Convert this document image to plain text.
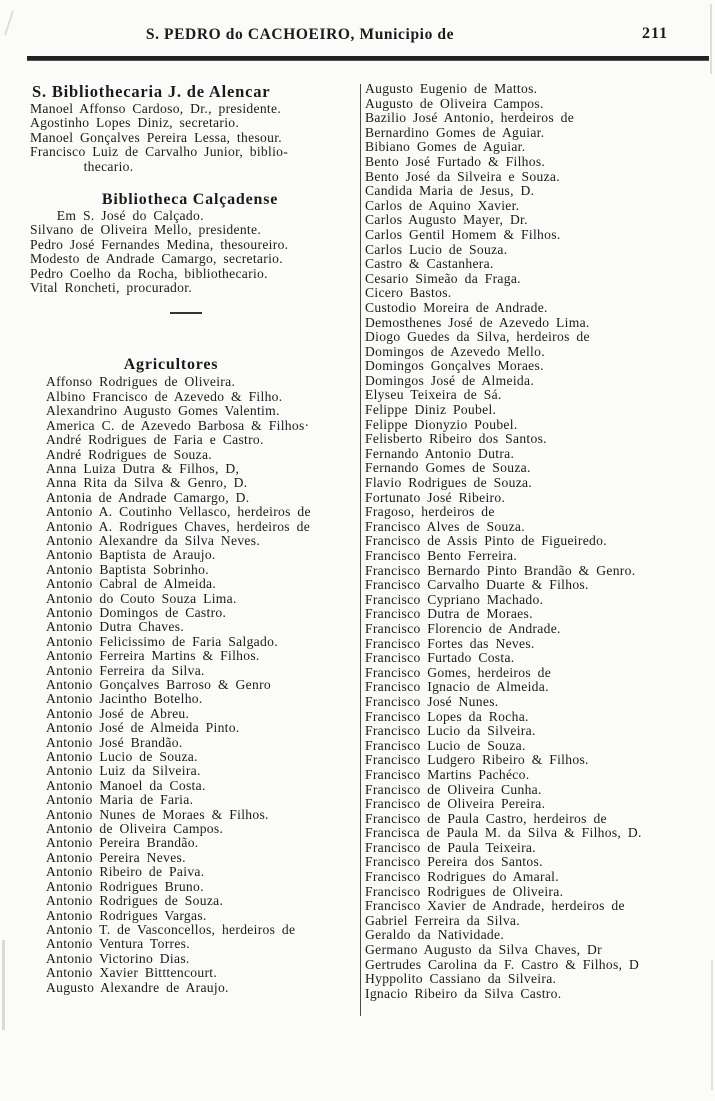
S. PEDRO do CACHOEIRO, Municipio de	211
S. Bibliothecaria J. de Alencar
Manoel Affonso Cardoso, Dr., presidente.
Agostinho Lopes Diniz, secretario.
Manoel Gonçalves Pereira Lessa, thesour.
Francisco Luiz de Carvalho Junior, biblio-
thecario.
Bibliotheca Calçadense
Em S. José do Calçado.
Silvano de Oliveira Mello, presidente.
Pedro José Fernandes Medina, thesoureiro.
Modesto de Andrade Camargo, secretario.
Pedro Coelho da Rocha, bibliothecario.
Vital Roncheti, procurador.
Agricultores
Affonso Rodrigues de Oliveira.
Albino Francisco de Azevedo & Filho.
Alexandrino Augusto Gomes Valentim.
America C. de Azevedo Barbosa & Filhos·
André Rodrigues de Faria e Castro.
André Rodrigues de Souza.
Anna Luiza Dutra & Filhos, D,
Anna Rita da Silva & Genro, D.
Antonia de Andrade Camargo, D.
Antonio A. Coutinho Vellasco, herdeiros de
Antonio A. Rodrigues Chaves, herdeiros de
Antonio Alexandre da Silva Neves.
Antonio Baptista de Araujo.
Antonio Baptista Sobrinho.
Antonio Cabral de Almeida.
Antonio do Couto Souza Lima.
Antonio Domingos de Castro.
Antonio Dutra Chaves.
Antonio Felicissimo de Faria Salgado.
Antonio Ferreira Martins & Filhos.
Antonio Ferreira da Silva.
Antonio Gonçalves Barroso & Genro
Antonio Jacintho Botelho.
Antonio José de Abreu.
Antonio José de Almeida Pinto.
Antonio José Brandão.
Antonio Lucio de Souza.
Antonio Luiz da Silveira.
Antonio Manoel da Costa.
Antonio Maria de Faria.
Antonio Nunes de Moraes & Filhos.
Antonio de Oliveira Campos.
Antonio Pereira Brandão.
Antonio Pereira Neves.
Antonio Ribeiro de Paiva.
Antonio Rodrigues Bruno.
Antonio Rodrigues de Souza.
Antonio Rodrigues Vargas.
Antonio T. de Vasconcellos, herdeiros de
Antonio Ventura Torres.
Antonio Victorino Dias.
Antonio Xavier Bitttencourt.
Augusto Alexandre de Araujo.
Augusto Eugenio de Mattos.
Augusto de Oliveira Campos.
Bazilio José Antonio, herdeiros de
Bernardino Gomes de Aguiar.
Bibiano Gomes de Aguiar.
Bento José Furtado & Filhos.
Bento José da Silveira e Souza.
Candida Maria de Jesus, D.
Carlos de Aquino Xavier.
Carlos Augusto Mayer, Dr.
Carlos Gentil Homem & Filhos.
Carlos Lucio de Souza.
Castro & Castanhera.
Cesario Simeão da Fraga.
Cicero Bastos.
Custodio Moreira de Andrade.
Demosthenes José de Azevedo Lima.
Diogo Guedes da Silva, herdeiros de
Domingos de Azevedo Mello.
Domingos Gonçalves Moraes.
Domingos José de Almeida.
Elyseu Teixeira de Sá.
Felippe Diniz Poubel.
Felippe Dionyzio Poubel.
Felisberto Ribeiro dos Santos.
Fernando Antonio Dutra.
Fernando Gomes de Souza.
Flavio Rodrigues de Souza.
Fortunato José Ribeiro.
Fragoso, herdeiros de
Francisco Alves de Souza.
Francisco de Assis Pinto de Figueiredo.
Francisco Bento Ferreira.
Francisco Bernardo Pinto Brandão & Genro.
Francisco Carvalho Duarte & Filhos.
Francisco Cypriano Machado.
Francisco Dutra de Moraes.
Francisco Florencio de Andrade.
Francisco Fortes das Neves.
Francisco Furtado Costa.
Francisco Gomes, herdeiros de
Francisco Ignacio de Almeida.
Francisco José Nunes.
Francisco Lopes da Rocha.
Francisco Lucio da Silveira.
Francisco Lucio de Souza.
Francisco Ludgero Ribeiro & Filhos.
Francisco Martins Pachéco.
Francisco de Oliveira Cunha.
Francisco de Oliveira Pereira.
Francisco de Paula Castro, herdeiros de
Francisca de Paula M. da Silva & Filhos, D.
Francisco de Paula Teixeira.
Francisco Pereira dos Santos.
Francisco Rodrigues do Amaral.
Francisco Rodrigues de Oliveira.
Francisco Xavier de Andrade, herdeiros de
Gabriel Ferreira da Silva.
Geraldo da Natividade.
Germano Augusto da Silva Chaves, Dr
Gertrudes Carolina da F. Castro & Filhos, D
Hyppolito Cassiano da Silveira.
Ignacio Ribeiro da Silva Castro.
